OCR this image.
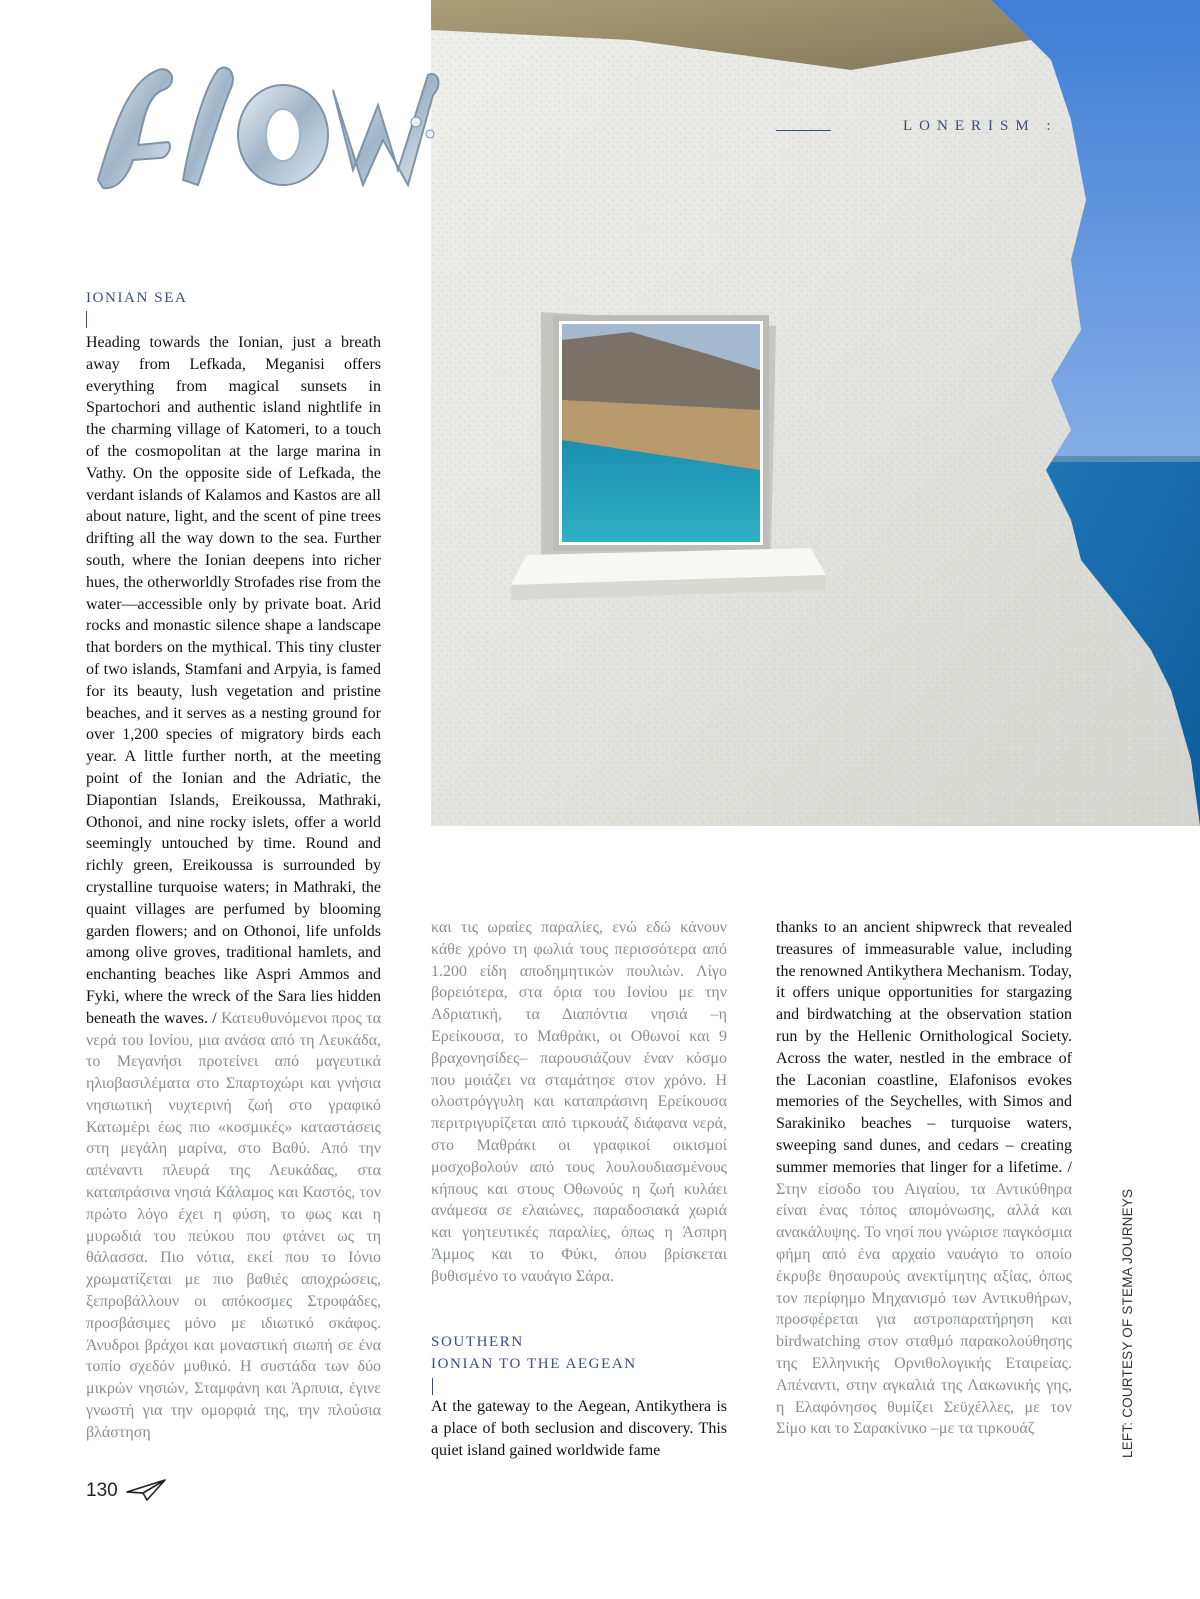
LONERISM :
IONIAN SEA
Heading towards the Ionian, just a breath away from Lefkada, Meganisi offers everything from magical sunsets in Spartochori and authentic island nightlife in the charming village of Katomeri, to a touch of the cosmopolitan at the large marina in Vathy. On the opposite side of Lefkada, the verdant islands of Kalamos and Kastos are all about nature, light, and the scent of pine trees drifting all the way down to the sea. Further south, where the Ionian deepens into richer hues, the otherworldly Strofades rise from the water—accessible only by private boat. Arid rocks and monastic silence shape a landscape that borders on the mythical. This tiny cluster of two islands, Stamfani and Arpyia, is famed for its beauty, lush vegetation and pristine beaches, and it serves as a nesting ground for over 1,200 species of migratory birds each year. A little further north, at the meeting point of the Ionian and the Adriatic, the Diapontian Islands, Ereikoussa, Mathraki, Othonoi, and nine rocky islets, offer a world seemingly untouched by time. Round and richly green, Ereikoussa is surrounded by crystalline turquoise waters; in Mathraki, the quaint villages are perfumed by blooming garden flowers; and on Othonoi, life unfolds among olive groves, traditional hamlets, and enchanting beaches like Aspri Ammos and Fyki, where the wreck of the Sara lies hidden beneath the waves. / Κατευθυνόμενοι προς τα νερά του Ιονίου, μια ανάσα από τη Λευκάδα, το Μεγανήσι προτείνει από μαγευτικά ηλιοβασιλέματα στο Σπαρτοχώρι και γνήσια νησιωτική νυχτερινή ζωή στο γραφικό Κατωμέρι έως πιο «κοσμικές» καταστάσεις στη μεγάλη μαρίνα, στο Βαθύ. Από την απέναντι πλευρά της Λευκάδας, στα καταπράσινα νησιά Κάλαμος και Καστός, τον πρώτο λόγο έχει η φύση, το φως και η μυρωδιά του πεύκου που φτάνει ως τη θάλασσα. Πιο νότια, εκεί που το Ιόνιο χρωματίζεται με πιο βαθιές αποχρώσεις, ξεπροβάλλουν οι απόκοσμες Στροφάδες, προσβάσιμες μόνο με ιδιωτικό σκάφος. Άνυδροι βράχοι και μοναστική σιωπή σε ένα τοπίο σχεδόν μυθικό. Η συστάδα των δύο μικρών νησιών, Σταμφάνη και Άρπυια, έγινε γνωστή για την ομορφιά της, την πλούσια βλάστηση
και τις ωραίες παραλίες, ενώ εδώ κάνουν κάθε χρόνο τη φωλιά τους περισσότερα από 1.200 είδη αποδημητικών πουλιών. Λίγο βορειότερα, στα όρια του Ιονίου με την Αδριατική, τα Διαπόντια νησιά –η Ερείκουσα, το Μαθράκι, οι Οθωνοί και 9 βραχονησίδες– παρουσιάζουν έναν κόσμο που μοιάζει να σταμάτησε στον χρόνο. Η ολοστρόγγυλη και καταπράσινη Ερείκουσα περιτριγυρίζεται από τιρκουάζ διάφανα νερά, στο Μαθράκι οι γραφικοί οικισμοί μοσχοβολούν από τους λουλουδιασμένους κήπους και στους Οθωνούς η ζωή κυλάει ανάμεσα σε ελαιώνες, παραδοσιακά χωριά και γοητευτικές παραλίες, όπως η Άσπρη Άμμος και το Φύκι, όπου βρίσκεται βυθισμένο το ναυάγιο Σάρα.
SOUTHERN
IONIAN TO THE AEGEAN
At the gateway to the Aegean, Antikythera is a place of both seclusion and discovery. This quiet island gained worldwide fame
thanks to an ancient shipwreck that revealed treasures of immeasurable value, including the renowned Antikythera Mechanism. Today, it offers unique opportunities for stargazing and birdwatching at the observation station run by the Hellenic Ornithological Society. Across the water, nestled in the embrace of the Laconian coastline, Elafonisos evokes memories of the Seychelles, with Simos and Sarakiniko beaches – turquoise waters, sweeping sand dunes, and cedars – creating summer memories that linger for a lifetime. / Στην είσοδο του Αιγαίου, τα Αντικύθηρα είναι ένας τόπος απομόνωσης, αλλά και ανακάλυψης. Το νησί που γνώρισε παγκόσμια φήμη από ένα αρχαίο ναυάγιο το οποίο έκρυβε θησαυρούς ανεκτίμητης αξίας, όπως τον περίφημο Μηχανισμό των Αντικυθήρων, προσφέρεται για αστροπαρατήρηση και birdwatching στον σταθμό παρακολούθησης της Ελληνικής Ορνιθολογικής Εταιρείας. Απέναντι, στην αγκαλιά της Λακωνικής γης, η Ελαφόνησος θυμίζει Σεϋχέλλες, με τον Σίμο και το Σαρακίνικο –με τα τιρκουάζ
130
LEFT: COURTESY OF STEMA JOURNEYS
